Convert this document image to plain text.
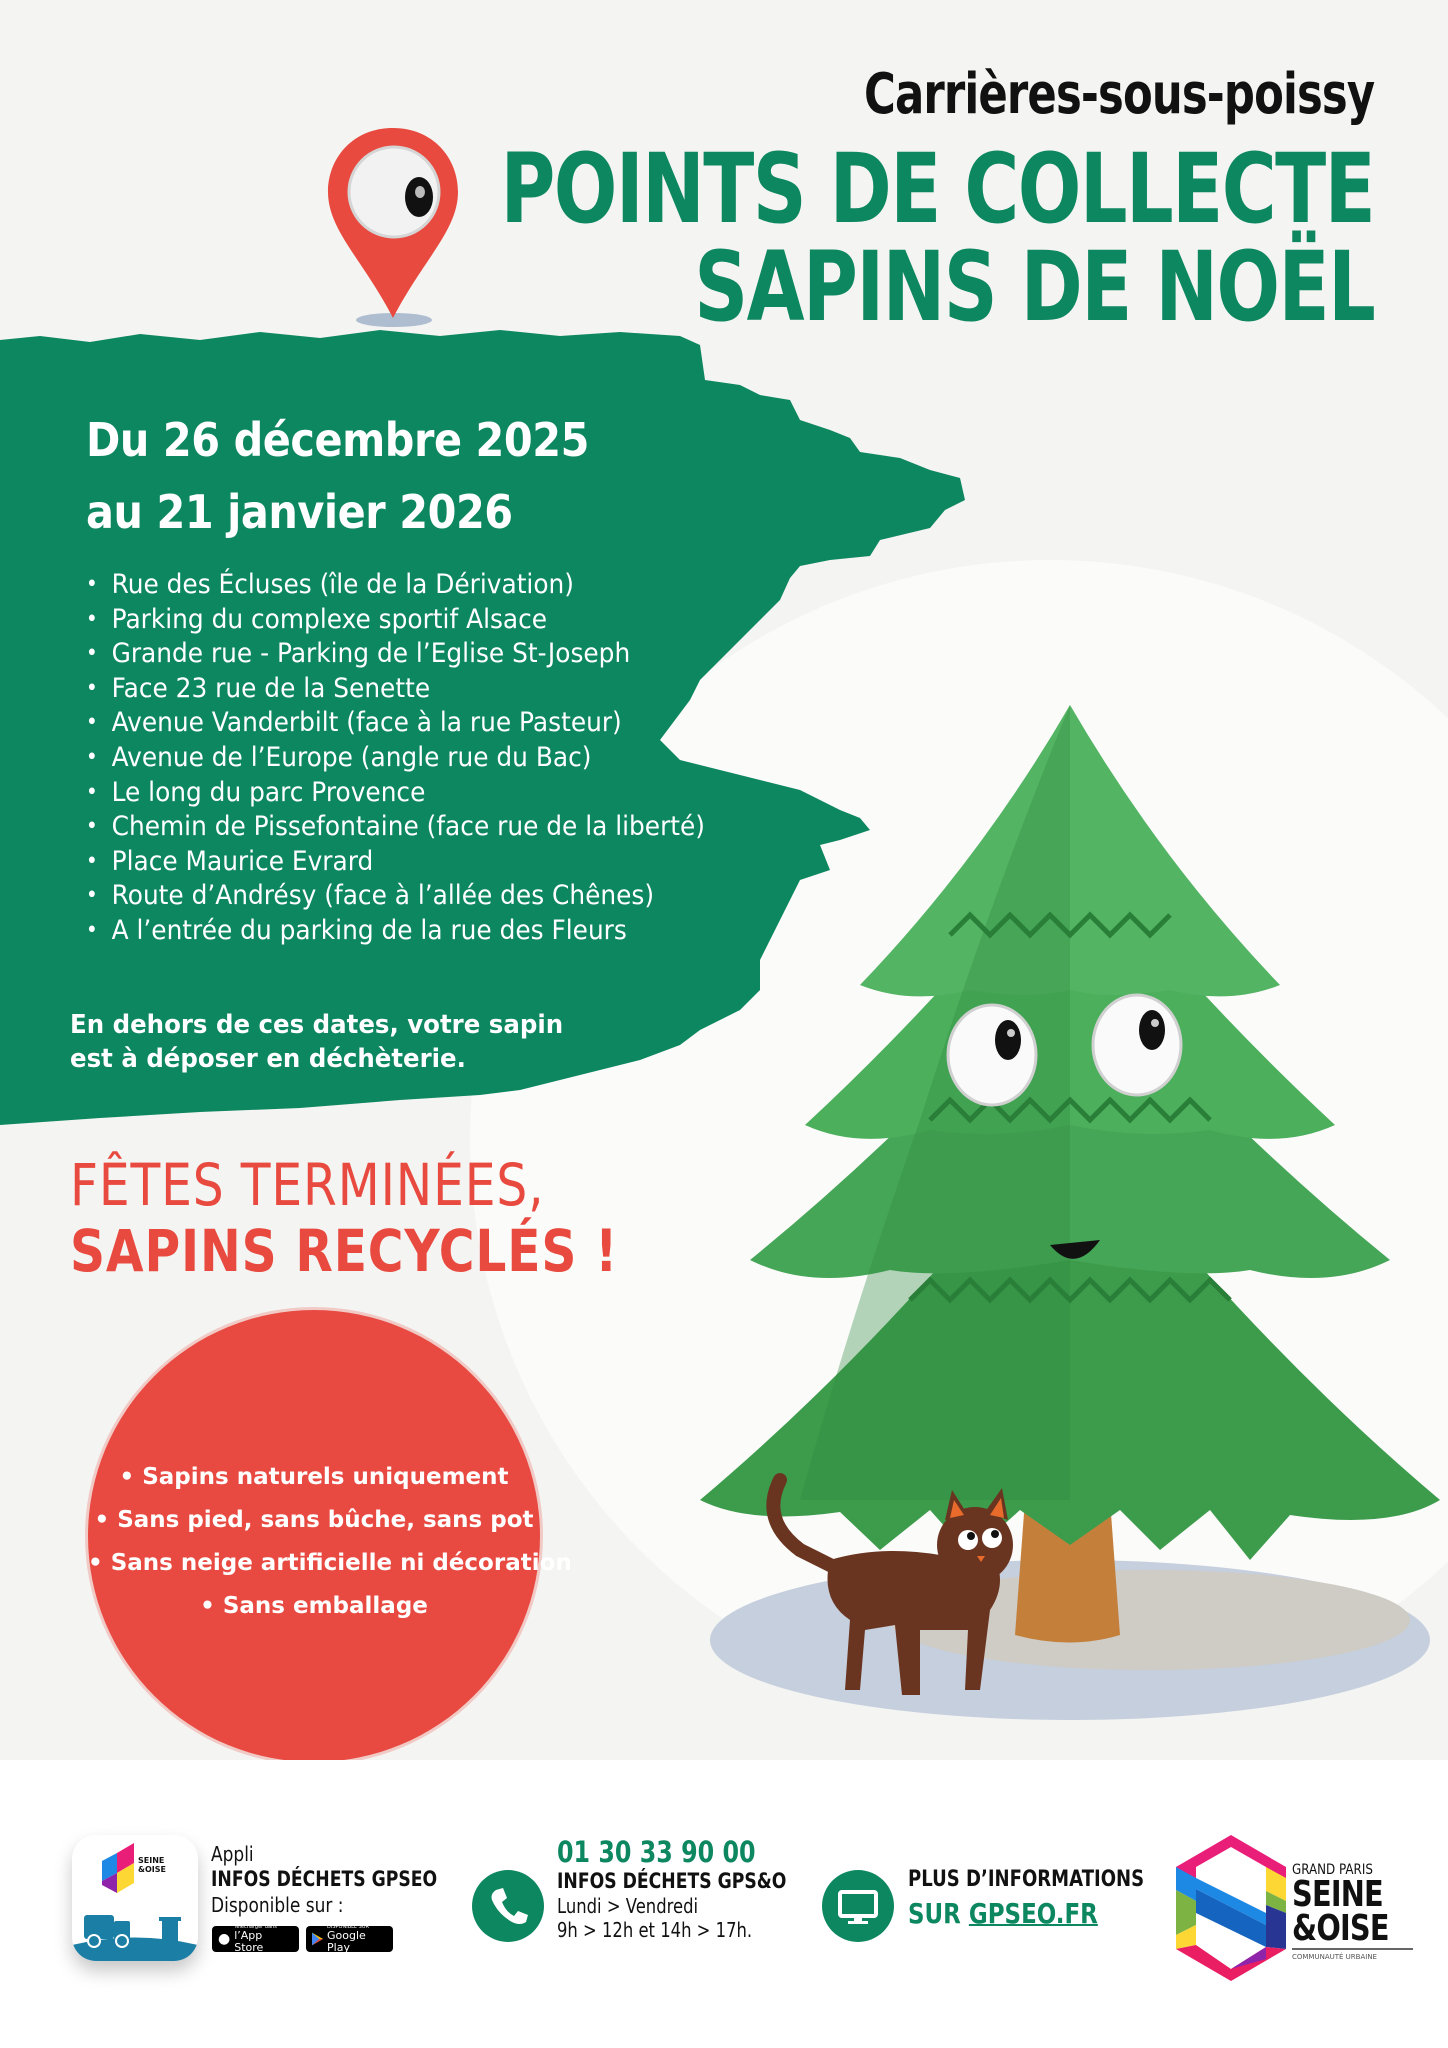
Carrières-sous-poissy
POINTS DE COLLECTE
SAPINS DE NOËL
Du 26 décembre 2025
au 21 janvier 2026
• Rue des Écluses (île de la Dérivation)
• Parking du complexe sportif Alsace
• Grande rue - Parking de l’Eglise St-Joseph
• Face 23 rue de la Senette
• Avenue Vanderbilt (face à la rue Pasteur)
• Avenue de l’Europe (angle rue du Bac)
• Le long du parc Provence
• Chemin de Pissefontaine (face rue de la liberté)
• Place Maurice Evrard
• Route d’Andrésy (face à l’allée des Chênes)
• A l’entrée du parking de la rue des Fleurs
En dehors de ces dates, votre sapin
est à déposer en déchèterie.
FÊTES TERMINÉES,
SAPINS RECYCLÉS !
• Sapins naturels uniquement
• Sans pied, sans bûche, sans pot
• Sans neige artificielle ni décoration
• Sans emballage
SEINE
&OISE
Appli
INFOS DÉCHETS GPSEO
Disponible sur :
●
Télécharger dans
l’App Store
DISPONIBLE SUR
Google Play
01 30 33 90 00
INFOS DÉCHETS GPS&O
Lundi > Vendredi
9h > 12h et 14h > 17h.
PLUS D’INFORMATIONS
SUR GPSEO.FR
GRAND PARIS
SEINE
&OISE
COMMUNAUTÉ URBAINE
